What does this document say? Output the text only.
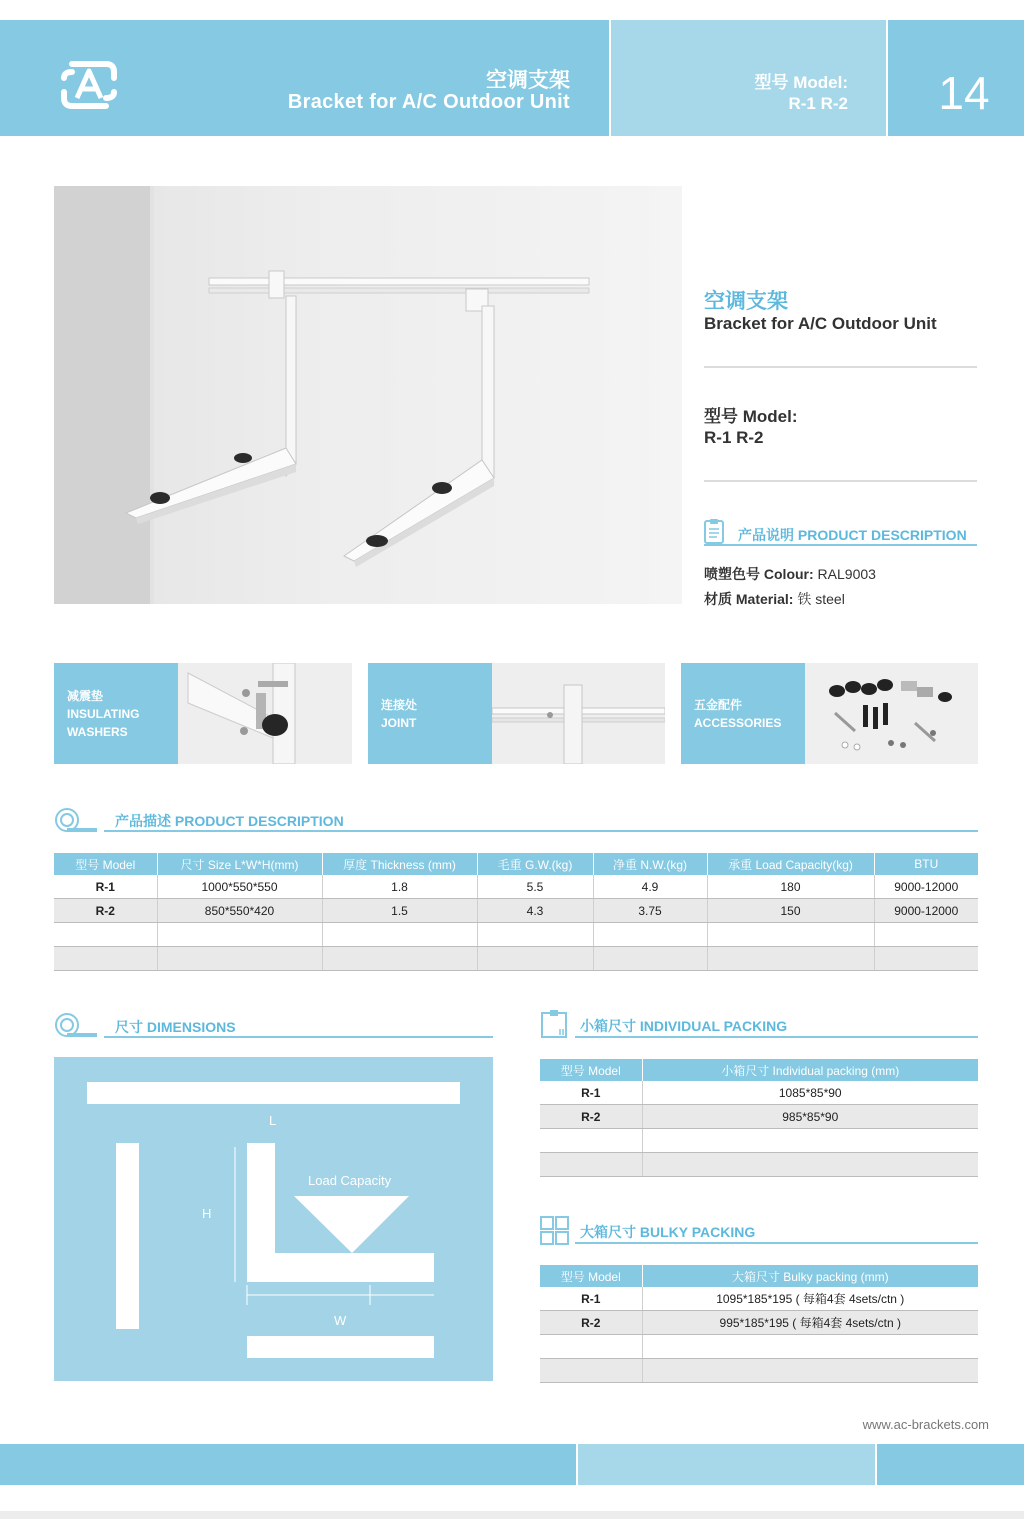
空调支架
Bracket for A/C Outdoor Unit
型号 Model:
R-1 R-2	14
空调支架
Bracket for A/C Outdoor Unit
型号 Model:
R-1 R-2
产品说明 PRODUCT DESCRIPTION
喷塑色号 Colour: RAL9003
材质 Material: 铁 steel
减震垫
INSULATING
WASHERS
连接处
JOINT
五金配件
ACCESSORIES
产品描述 PRODUCT DESCRIPTION
型号 Model	尺寸 Size L*W*H(mm)	厚度 Thickness (mm)	毛重 G.W.(kg)	净重 N.W.(kg)	承重 Load Capacity(kg)	BTU
R-1	1000*550*550	1.8	5.5	4.9	180	9000-12000
R-2	850*550*420	1.5	4.3	3.75	150	9000-12000

尺寸 DIMENSIONS
L
H
Load Capacity
W
小箱尺寸 INDIVIDUAL PACKING
型号 Model	小箱尺寸 Individual packing (mm)
R-1	1085*85*90
R-2	985*85*90

大箱尺寸 BULKY PACKING
型号 Model	大箱尺寸 Bulky packing (mm)
R-1	1095*185*195 ( 每箱4套 4sets/ctn )
R-2	995*185*195 ( 每箱4套 4sets/ctn )

www.ac-brackets.com
